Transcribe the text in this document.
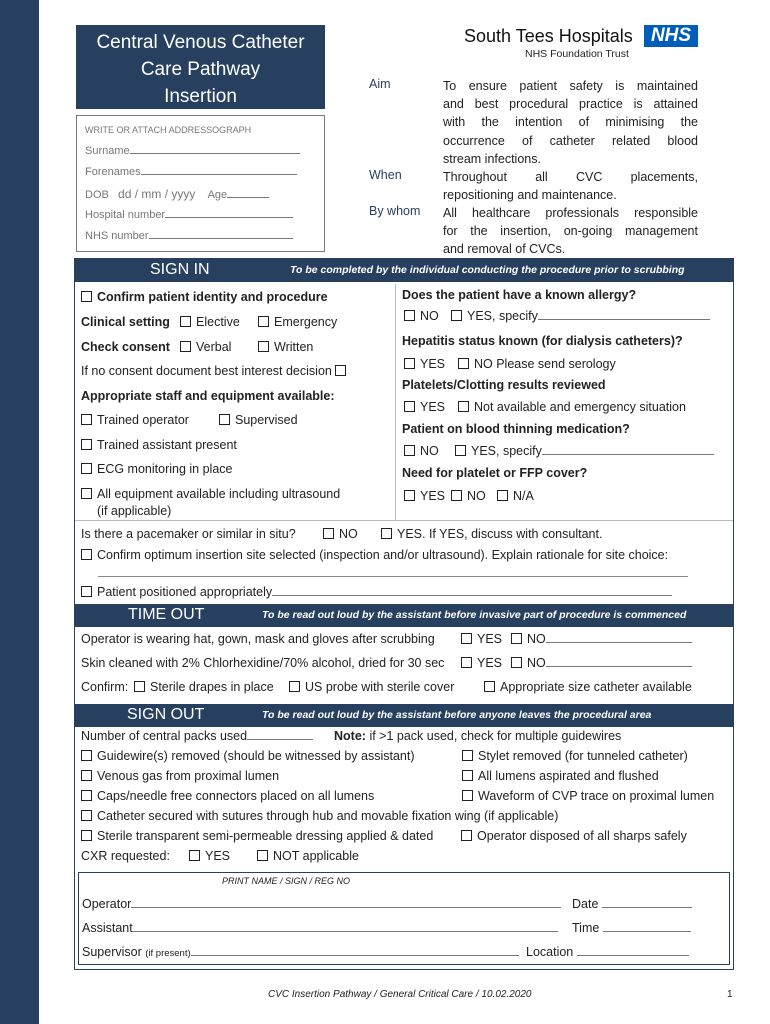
Central Venous Catheter
Care Pathway
Insertion
South Tees Hospitals NHS
NHS Foundation Trust
Aim	To ensure patient safety is maintained
and best procedural practice is attained
with the intention of minimising the
occurrence of catheter related blood
stream infections.
When	Throughout all CVC placements,
repositioning and maintenance.
By whom All healthcare professionals responsible
for the insertion, on-going management
and removal of CVCs.
WRITE OR ATTACH ADDRESSOGRAPH
Surname
Forenames
DOB dd / mm / yyyy Age
Hospital number
NHS number
SIGN IN	To be completed by the individual conducting the procedure prior to scrubbing
Confirm patient identity and procedure
Clinical setting	Elective	Emergency
Check consent	Verbal	Written
If no consent document best interest decision
Appropriate staff and equipment available:
Trained operator	Supervised
Trained assistant present
ECG monitoring in place
All equipment available including ultrasound
(if applicable)
Does the patient have a known allergy?
NO	YES, specify
Hepatitis status known (for dialysis catheters)?
YES	NO Please send serology
Platelets/Clotting results reviewed
YES	Not available and emergency situation
Patient on blood thinning medication?
NO	YES, specify
Need for platelet or FFP cover?
YES	NO	N/A
Is there a pacemaker or similar in situ?	NO	YES. If YES, discuss with consultant.
Confirm optimum insertion site selected (inspection and/or ultrasound). Explain rationale for site choice:
Patient positioned appropriately
TIME OUT	To be read out loud by the assistant before invasive part of procedure is commenced
Operator is wearing hat, gown, mask and gloves after scrubbing	YES	NO
Skin cleaned with 2% Chlorhexidine/70% alcohol, dried for 30 sec	YES	NO
Confirm:	Sterile drapes in place	US probe with sterile cover	Appropriate size catheter available
SIGN OUT	To be read out loud by the assistant before anyone leaves the procedural area
Number of central packs used	Note: if >1 pack used, check for multiple guidewires
Guidewire(s) removed (should be witnessed by assistant)	Stylet removed (for tunneled catheter)
Venous gas from proximal lumen	All lumens aspirated and flushed
Caps/needle free connectors placed on all lumens	Waveform of CVP trace on proximal lumen
Catheter secured with sutures through hub and movable fixation wing (if applicable)
Sterile transparent semi-permeable dressing applied & dated	Operator disposed of all sharps safely
CXR requested:	YES	NOT applicable
PRINT NAME / SIGN / REG NO
Operator	Date
Assistant	Time
Supervisor (if present)	Location
CVC Insertion Pathway / General Critical Care / 10.02.2020	1
